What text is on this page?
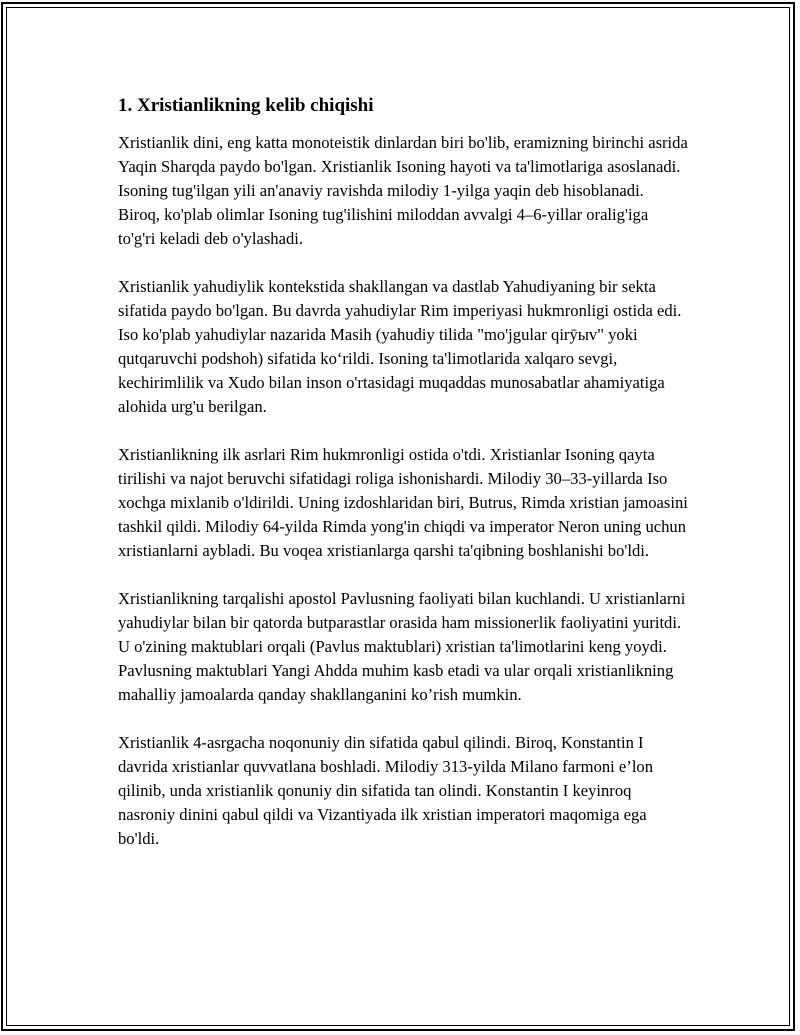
1. Xristianlikning kelib chiqishi

Xristianlik dini, eng katta monoteistik dinlardan biri bo'lib, eramizning birinchi asrida Yaqin Sharqda paydo bo'lgan. Xristianlik Isoning hayoti va ta'limotlariga asoslanadi. Isoning tug'ilgan yili an'anaviy ravishda milodiy 1-yilga yaqin deb hisoblanadi. Biroq, ko'plab olimlar Isoning tug'ilishini miloddan avvalgi 4–6-yillar oralig'iga to'g'ri keladi deb o'ylashadi.

Xristianlik yahudiylik kontekstida shakllangan va dastlab Yahudiyaning bir sekta sifatida paydo bo'lgan. Bu davrda yahudiylar Rim imperiyasi hukmronligi ostida edi. Iso ko'plab yahudiylar nazarida Masih (yahudiy tilida "mo'jgular qirȳыv" yoki qutqaruvchi podshoh) sifatida ko‘rildi. Isoning ta'limotlarida xalqaro sevgi, kechirimlilik va Xudo bilan inson o'rtasidagi muqaddas munosabatlar ahamiyatiga alohida urg'u berilgan.

Xristianlikning ilk asrlari Rim hukmronligi ostida o'tdi. Xristianlar Isoning qayta tirilishi va najot beruvchi sifatidagi roliga ishonishardi. Milodiy 30–33-yillarda Iso xochga mixlanib o'ldirildi. Uning izdoshlaridan biri, Butrus, Rimda xristian jamoasini tashkil qildi. Milodiy 64-yilda Rimda yong'in chiqdi va imperator Neron uning uchun xristianlarni aybladi. Bu voqea xristianlarga qarshi ta'qibning boshlanishi bo'ldi.

Xristianlikning tarqalishi apostol Pavlusning faoliyati bilan kuchlandi. U xristianlarni yahudiylar bilan bir qatorda butparastlar orasida ham missionerlik faoliyatini yuritdi. U o'zining maktublari orqali (Pavlus maktublari) xristian ta'limotlarini keng yoydi. Pavlusning maktublari Yangi Ahdda muhim kasb etadi va ular orqali xristianlikning mahalliy jamoalarda qanday shakllanganini ko’rish mumkin.

Xristianlik 4-asrgacha noqonuniy din sifatida qabul qilindi. Biroq, Konstantin I davrida xristianlar quvvatlana boshladi. Milodiy 313-yilda Milano farmoni e’lon qilinib, unda xristianlik qonuniy din sifatida tan olindi. Konstantin I keyinroq nasroniy dinini qabul qildi va Vizantiyada ilk xristian imperatori maqomiga ega bo'ldi.
